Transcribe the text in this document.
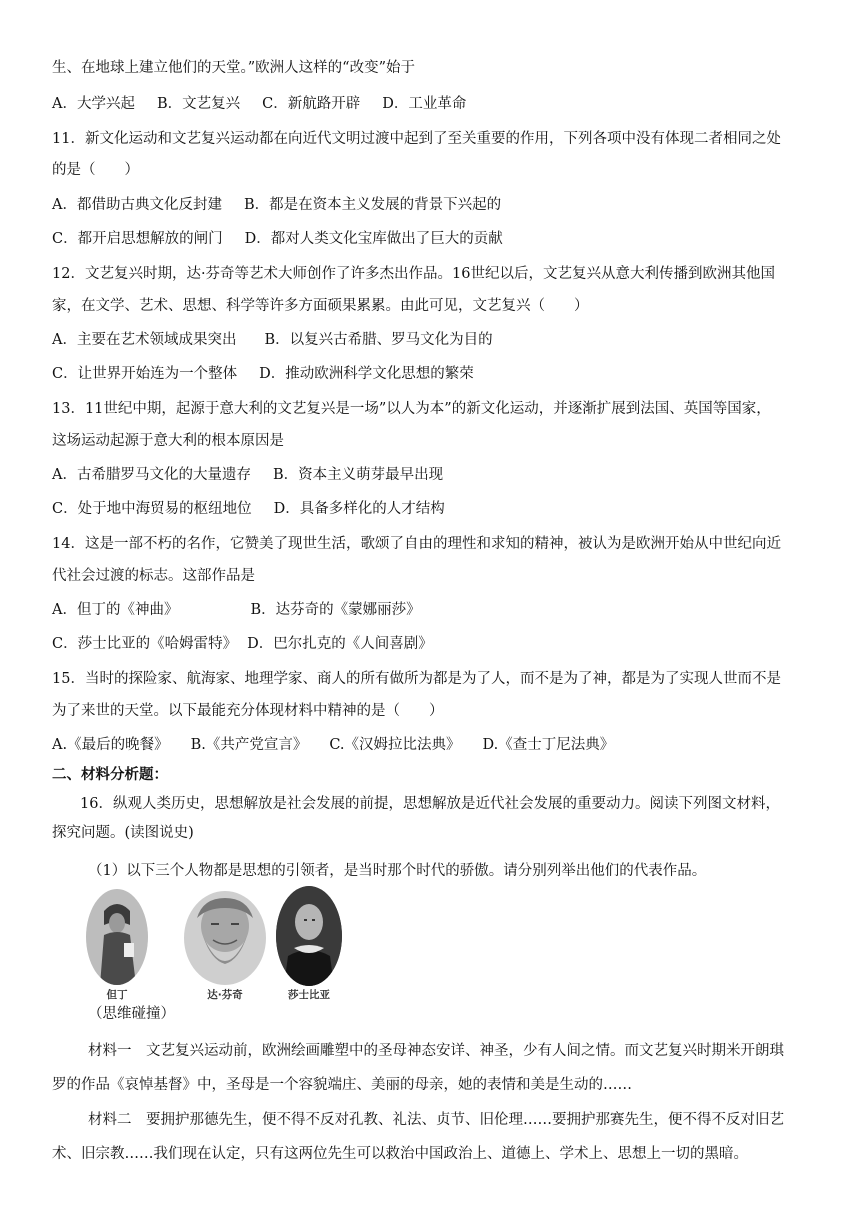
生、在地球上建立他们的天堂。”欧洲人这样的“改变”始于
A．大学兴起 B．文艺复兴 C．新航路开辟 D．工业革命
11．新文化运动和文艺复兴运动都在向近代文明过渡中起到了至关重要的作用，下列各项中没有体现二者相同之处
的是（　　）
A．都借助古典文化反封建 B．都是在资本主义发展的背景下兴起的
C．都开启思想解放的闸门 D．都对人类文化宝库做出了巨大的贡献
12．文艺复兴时期，达·芬奇等艺术大师创作了许多杰出作品。16世纪以后，文艺复兴从意大利传播到欧洲其他国
家，在文学、艺术、思想、科学等许多方面硕果累累。由此可见，文艺复兴（　　）
A．主要在艺术领域成果突出 B．以复兴古希腊、罗马文化为目的
C．让世界开始连为一个整体 D．推动欧洲科学文化思想的繁荣
13．11世纪中期，起源于意大利的文艺复兴是一场”以人为本”的新文化运动，并逐渐扩展到法国、英国等国家，
这场运动起源于意大利的根本原因是
A．古希腊罗马文化的大量遗存 B．资本主义萌芽最早出现
C．处于地中海贸易的枢纽地位 D．具备多样化的人才结构
14．这是一部不朽的名作，它赞美了现世生活，歌颂了自由的理性和求知的精神，被认为是欧洲开始从中世纪向近
代社会过渡的标志。这部作品是
A．但丁的《神曲》	B．达芬奇的《蒙娜丽莎》
C．莎士比亚的《哈姆雷特》 D．巴尔扎克的《人间喜剧》
15．当时的探险家、航海家、地理学家、商人的所有做所为都是为了人，而不是为了神，都是为了实现人世而不是
为了来世的天堂。以下最能充分体现材料中精神的是（　　）
A.《最后的晚餐》 B.《共产党宣言》 C.《汉姆拉比法典》 D.《查士丁尼法典》
二、材料分析题：
16．纵观人类历史，思想解放是社会发展的前提，思想解放是近代社会发展的重要动力。阅读下列图文材料，
探究问题。(读图说史)
（1）以下三个人物都是思想的引领者，是当时那个时代的骄傲。请分别列举出他们的代表作品。
但丁	达·芬奇	莎士比亚
（思维碰撞）
材料一　文艺复兴运动前，欧洲绘画雕塑中的圣母神态安详、神圣，少有人间之情。而文艺复兴时期米开朗琪
罗的作品《哀悼基督》中，圣母是一个容貌端庄、美丽的母亲，她的表情和美是生动的……
材料二　要拥护那德先生，便不得不反对孔教、礼法、贞节、旧伦理……要拥护那赛先生，便不得不反对旧艺
术、旧宗教……我们现在认定，只有这两位先生可以救治中国政治上、道德上、学术上、思想上一切的黑暗。
